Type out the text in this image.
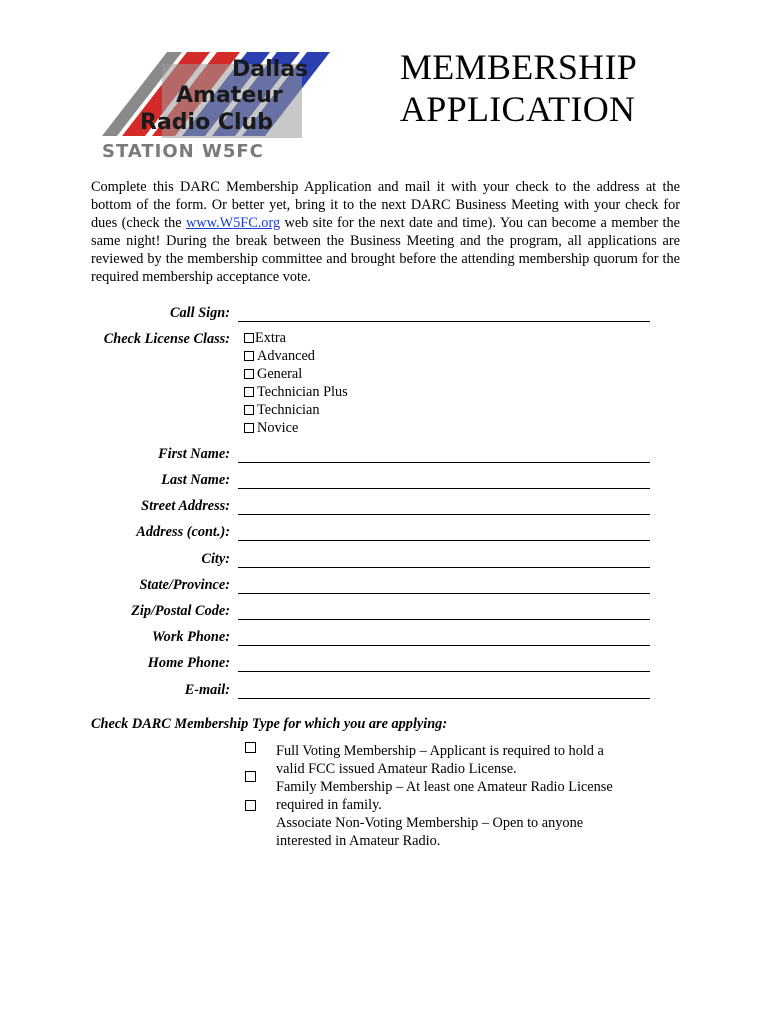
Dallas
Amateur
Radio Club
STATION W5FC
MEMBERSHIP
APPLICATION
Complete this DARC Membership Application and mail it with your check to the address at the bottom of the form. Or better yet, bring it to the next DARC Business Meeting with your check for dues (check the www.W5FC.org web site for the next date and time). You can become a member the same night! During the break between the Business Meeting and the program, all applications are reviewed by the membership committee and brought before the attending membership quorum for the required membership acceptance vote.
Call Sign:
Check License Class: Extra
Advanced
General
Technician Plus
Technician
Novice
First Name:
Last Name:
Street Address:
Address (cont.):
City:
State/Province:
Zip/Postal Code:
Work Phone:
Home Phone:
E-mail:
Check DARC Membership Type for which you are applying:
Full Voting Membership – Applicant is required to hold a
valid FCC issued Amateur Radio License.
Family Membership – At least one Amateur Radio License
required in family.
Associate Non-Voting Membership – Open to anyone
interested in Amateur Radio.
